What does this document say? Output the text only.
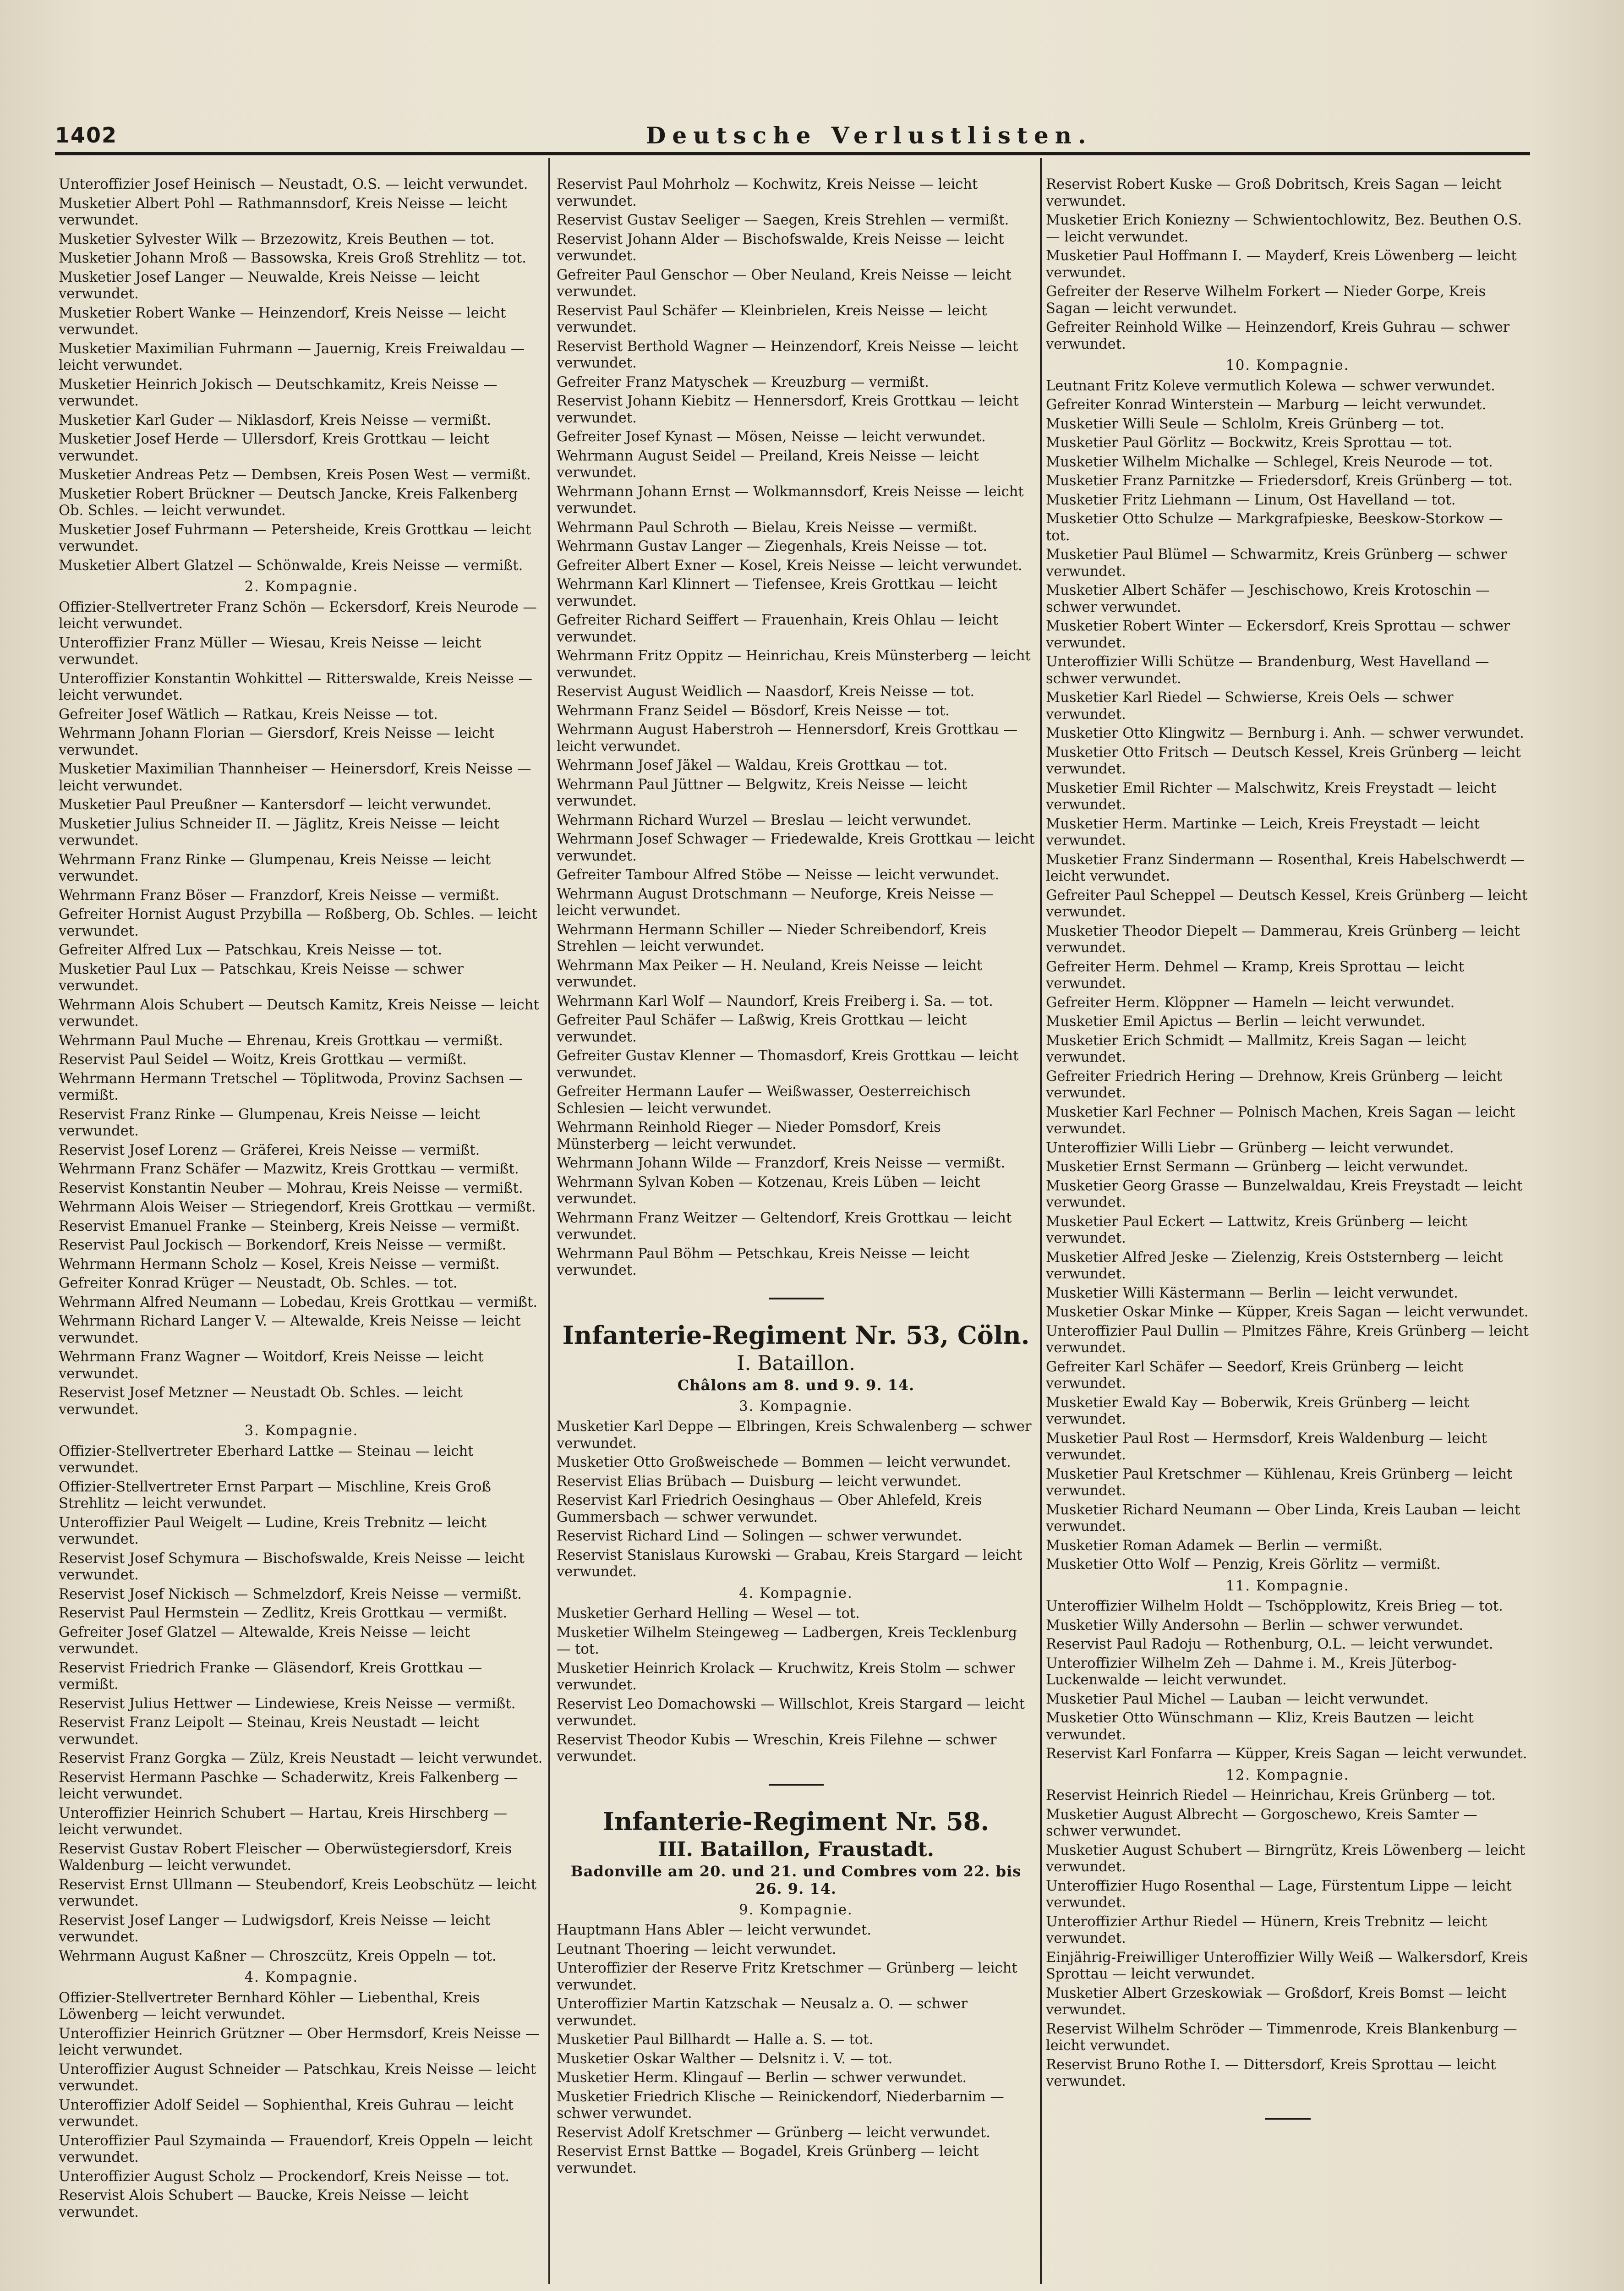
1402	Deutsche Verlustlisten.
Unteroffizier Josef Heinisch — Neustadt, O.S. — leicht verwundet.
Musketier Albert Pohl — Rathmannsdorf, Kreis Neisse — leicht verwundet.
Musketier Sylvester Wilk — Brzezowitz, Kreis Beuthen — tot.
Musketier Johann Mroß — Bassowska, Kreis Groß Strehlitz — tot.
Musketier Josef Langer — Neuwalde, Kreis Neisse — leicht verwundet.
Musketier Robert Wanke — Heinzendorf, Kreis Neisse — leicht verwundet.
Musketier Maximilian Fuhrmann — Jauernig, Kreis Freiwaldau — leicht verwundet.
Musketier Heinrich Jokisch — Deutschkamitz, Kreis Neisse — verwundet.
Musketier Karl Guder — Niklasdorf, Kreis Neisse — vermißt.
Musketier Josef Herde — Ullersdorf, Kreis Grottkau — leicht verwundet.
Musketier Andreas Petz — Dembsen, Kreis Posen West — vermißt.
Musketier Robert Brückner — Deutsch Jancke, Kreis Falkenberg Ob. Schles. — leicht verwundet.
Musketier Josef Fuhrmann — Petersheide, Kreis Grottkau — leicht verwundet.
Musketier Albert Glatzel — Schönwalde, Kreis Neisse — vermißt.
2. Kompagnie.
Offizier-Stellvertreter Franz Schön — Eckersdorf, Kreis Neurode — leicht verwundet.
Unteroffizier Franz Müller — Wiesau, Kreis Neisse — leicht verwundet.
Unteroffizier Konstantin Wohkittel — Ritterswalde, Kreis Neisse — leicht verwundet.
Gefreiter Josef Wätlich — Ratkau, Kreis Neisse — tot.
Wehrmann Johann Florian — Giersdorf, Kreis Neisse — leicht verwundet.
Musketier Maximilian Thannheiser — Heinersdorf, Kreis Neisse — leicht verwundet.
Musketier Paul Preußner — Kantersdorf — leicht verwundet.
Musketier Julius Schneider II. — Jäglitz, Kreis Neisse — leicht verwundet.
Wehrmann Franz Rinke — Glumpenau, Kreis Neisse — leicht verwundet.
Wehrmann Franz Böser — Franzdorf, Kreis Neisse — vermißt.
Gefreiter Hornist August Przybilla — Roßberg, Ob. Schles. — leicht verwundet.
Gefreiter Alfred Lux — Patschkau, Kreis Neisse — tot.
Musketier Paul Lux — Patschkau, Kreis Neisse — schwer verwundet.
Wehrmann Alois Schubert — Deutsch Kamitz, Kreis Neisse — leicht verwundet.
Wehrmann Paul Muche — Ehrenau, Kreis Grottkau — vermißt.
Reservist Paul Seidel — Woitz, Kreis Grottkau — vermißt.
Wehrmann Hermann Tretschel — Töplitwoda, Provinz Sachsen — vermißt.
Reservist Franz Rinke — Glumpenau, Kreis Neisse — leicht verwundet.
Reservist Josef Lorenz — Gräferei, Kreis Neisse — vermißt.
Wehrmann Franz Schäfer — Mazwitz, Kreis Grottkau — vermißt.
Reservist Konstantin Neuber — Mohrau, Kreis Neisse — vermißt.
Wehrmann Alois Weiser — Striegendorf, Kreis Grottkau — vermißt.
Reservist Emanuel Franke — Steinberg, Kreis Neisse — vermißt.
Reservist Paul Jockisch — Borkendorf, Kreis Neisse — vermißt.
Wehrmann Hermann Scholz — Kosel, Kreis Neisse — vermißt.
Gefreiter Konrad Krüger — Neustadt, Ob. Schles. — tot.
Wehrmann Alfred Neumann — Lobedau, Kreis Grottkau — vermißt.
Wehrmann Richard Langer V. — Altewalde, Kreis Neisse — leicht verwundet.
Wehrmann Franz Wagner — Woitdorf, Kreis Neisse — leicht verwundet.
Reservist Josef Metzner — Neustadt Ob. Schles. — leicht verwundet.
3. Kompagnie.
Offizier-Stellvertreter Eberhard Lattke — Steinau — leicht verwundet.
Offizier-Stellvertreter Ernst Parpart — Mischline, Kreis Groß Strehlitz — leicht verwundet.
Unteroffizier Paul Weigelt — Ludine, Kreis Trebnitz — leicht verwundet.
Reservist Josef Schymura — Bischofswalde, Kreis Neisse — leicht verwundet.
Reservist Josef Nickisch — Schmelzdorf, Kreis Neisse — vermißt.
Reservist Paul Hermstein — Zedlitz, Kreis Grottkau — vermißt.
Gefreiter Josef Glatzel — Altewalde, Kreis Neisse — leicht verwundet.
Reservist Friedrich Franke — Gläsendorf, Kreis Grottkau — vermißt.
Reservist Julius Hettwer — Lindewiese, Kreis Neisse — vermißt.
Reservist Franz Leipolt — Steinau, Kreis Neustadt — leicht verwundet.
Reservist Franz Gorgka — Zülz, Kreis Neustadt — leicht verwundet.
Reservist Hermann Paschke — Schaderwitz, Kreis Falkenberg — leicht verwundet.
Unteroffizier Heinrich Schubert — Hartau, Kreis Hirschberg — leicht verwundet.
Reservist Gustav Robert Fleischer — Oberwüstegiersdorf, Kreis Waldenburg — leicht verwundet.
Reservist Ernst Ullmann — Steubendorf, Kreis Leobschütz — leicht verwundet.
Reservist Josef Langer — Ludwigsdorf, Kreis Neisse — leicht verwundet.
Wehrmann August Kaßner — Chroszcütz, Kreis Oppeln — tot.
4. Kompagnie.
Offizier-Stellvertreter Bernhard Köhler — Liebenthal, Kreis Löwenberg — leicht verwundet.
Unteroffizier Heinrich Grützner — Ober Hermsdorf, Kreis Neisse — leicht verwundet.
Unteroffizier August Schneider — Patschkau, Kreis Neisse — leicht verwundet.
Unteroffizier Adolf Seidel — Sophienthal, Kreis Guhrau — leicht verwundet.
Unteroffizier Paul Szymainda — Frauendorf, Kreis Oppeln — leicht verwundet.
Unteroffizier August Scholz — Prockendorf, Kreis Neisse — tot.
Reservist Alois Schubert — Baucke, Kreis Neisse — leicht verwundet.
Reservist Paul Mohrholz — Kochwitz, Kreis Neisse — leicht verwundet.
Reservist Gustav Seeliger — Saegen, Kreis Strehlen — vermißt.
Reservist Johann Alder — Bischofswalde, Kreis Neisse — leicht verwundet.
Gefreiter Paul Genschor — Ober Neuland, Kreis Neisse — leicht verwundet.
Reservist Paul Schäfer — Kleinbrielen, Kreis Neisse — leicht verwundet.
Reservist Berthold Wagner — Heinzendorf, Kreis Neisse — leicht verwundet.
Gefreiter Franz Matyschek — Kreuzburg — vermißt.
Reservist Johann Kiebitz — Hennersdorf, Kreis Grottkau — leicht verwundet.
Gefreiter Josef Kynast — Mösen, Neisse — leicht verwundet.
Wehrmann August Seidel — Preiland, Kreis Neisse — leicht verwundet.
Wehrmann Johann Ernst — Wolkmannsdorf, Kreis Neisse — leicht verwundet.
Wehrmann Paul Schroth — Bielau, Kreis Neisse — vermißt.
Wehrmann Gustav Langer — Ziegenhals, Kreis Neisse — tot.
Gefreiter Albert Exner — Kosel, Kreis Neisse — leicht verwundet.
Wehrmann Karl Klinnert — Tiefensee, Kreis Grottkau — leicht verwundet.
Gefreiter Richard Seiffert — Frauenhain, Kreis Ohlau — leicht verwundet.
Wehrmann Fritz Oppitz — Heinrichau, Kreis Münsterberg — leicht verwundet.
Reservist August Weidlich — Naasdorf, Kreis Neisse — tot.
Wehrmann Franz Seidel — Bösdorf, Kreis Neisse — tot.
Wehrmann August Haberstroh — Hennersdorf, Kreis Grottkau — leicht verwundet.
Wehrmann Josef Jäkel — Waldau, Kreis Grottkau — tot.
Wehrmann Paul Jüttner — Belgwitz, Kreis Neisse — leicht verwundet.
Wehrmann Richard Wurzel — Breslau — leicht verwundet.
Wehrmann Josef Schwager — Friedewalde, Kreis Grottkau — leicht verwundet.
Gefreiter Tambour Alfred Stöbe — Neisse — leicht verwundet.
Wehrmann August Drotschmann — Neuforge, Kreis Neisse — leicht verwundet.
Wehrmann Hermann Schiller — Nieder Schreibendorf, Kreis Strehlen — leicht verwundet.
Wehrmann Max Peiker — H. Neuland, Kreis Neisse — leicht verwundet.
Wehrmann Karl Wolf — Naundorf, Kreis Freiberg i. Sa. — tot.
Gefreiter Paul Schäfer — Laßwig, Kreis Grottkau — leicht verwundet.
Gefreiter Gustav Klenner — Thomasdorf, Kreis Grottkau — leicht verwundet.
Gefreiter Hermann Laufer — Weißwasser, Oesterreichisch Schlesien — leicht verwundet.
Wehrmann Reinhold Rieger — Nieder Pomsdorf, Kreis Münsterberg — leicht verwundet.
Wehrmann Johann Wilde — Franzdorf, Kreis Neisse — vermißt.
Wehrmann Sylvan Koben — Kotzenau, Kreis Lüben — leicht verwundet.
Wehrmann Franz Weitzer — Geltendorf, Kreis Grottkau — leicht verwundet.
Wehrmann Paul Böhm — Petschkau, Kreis Neisse — leicht verwundet.
Infanterie-Regiment Nr. 53, Cöln.
I. Bataillon.
Châlons am 8. und 9. 9. 14.
3. Kompagnie.
Musketier Karl Deppe — Elbringen, Kreis Schwalenberg — schwer verwundet.
Musketier Otto Großweischede — Bommen — leicht verwundet.
Reservist Elias Brübach — Duisburg — leicht verwundet.
Reservist Karl Friedrich Oesinghaus — Ober Ahlefeld, Kreis Gummersbach — schwer verwundet.
Reservist Richard Lind — Solingen — schwer verwundet.
Reservist Stanislaus Kurowski — Grabau, Kreis Stargard — leicht verwundet.
4. Kompagnie.
Musketier Gerhard Helling — Wesel — tot.
Musketier Wilhelm Steingeweg — Ladbergen, Kreis Tecklenburg — tot.
Musketier Heinrich Krolack — Kruchwitz, Kreis Stolm — schwer verwundet.
Reservist Leo Domachowski — Willschlot, Kreis Stargard — leicht verwundet.
Reservist Theodor Kubis — Wreschin, Kreis Filehne — schwer verwundet.
Infanterie-Regiment Nr. 58.
III. Bataillon, Fraustadt.
Badonville am 20. und 21. und Combres vom 22. bis 26. 9. 14.
9. Kompagnie.
Hauptmann Hans Abler — leicht verwundet.
Leutnant Thoering — leicht verwundet.
Unteroffizier der Reserve Fritz Kretschmer — Grünberg — leicht verwundet.
Unteroffizier Martin Katzschak — Neusalz a. O. — schwer verwundet.
Musketier Paul Billhardt — Halle a. S. — tot.
Musketier Oskar Walther — Delsnitz i. V. — tot.
Musketier Herm. Klingauf — Berlin — schwer verwundet.
Musketier Friedrich Klische — Reinickendorf, Niederbarnim — schwer verwundet.
Reservist Adolf Kretschmer — Grünberg — leicht verwundet.
Reservist Ernst Battke — Bogadel, Kreis Grünberg — leicht verwundet.
Reservist Robert Kuske — Groß Dobritsch, Kreis Sagan — leicht verwundet.
Musketier Erich Koniezny — Schwientochlowitz, Bez. Beuthen O.S. — leicht verwundet.
Musketier Paul Hoffmann I. — Mayderf, Kreis Löwenberg — leicht verwundet.
Gefreiter der Reserve Wilhelm Forkert — Nieder Gorpe, Kreis Sagan — leicht verwundet.
Gefreiter Reinhold Wilke — Heinzendorf, Kreis Guhrau — schwer verwundet.
10. Kompagnie.
Leutnant Fritz Koleve vermutlich Kolewa — schwer verwundet.
Gefreiter Konrad Winterstein — Marburg — leicht verwundet.
Musketier Willi Seule — Schlolm, Kreis Grünberg — tot.
Musketier Paul Görlitz — Bockwitz, Kreis Sprottau — tot.
Musketier Wilhelm Michalke — Schlegel, Kreis Neurode — tot.
Musketier Franz Parnitzke — Friedersdorf, Kreis Grünberg — tot.
Musketier Fritz Liehmann — Linum, Ost Havelland — tot.
Musketier Otto Schulze — Markgrafpieske, Beeskow-Storkow — tot.
Musketier Paul Blümel — Schwarmitz, Kreis Grünberg — schwer verwundet.
Musketier Albert Schäfer — Jeschischowo, Kreis Krotoschin — schwer verwundet.
Musketier Robert Winter — Eckersdorf, Kreis Sprottau — schwer verwundet.
Unteroffizier Willi Schütze — Brandenburg, West Havelland — schwer verwundet.
Musketier Karl Riedel — Schwierse, Kreis Oels — schwer verwundet.
Musketier Otto Klingwitz — Bernburg i. Anh. — schwer verwundet.
Musketier Otto Fritsch — Deutsch Kessel, Kreis Grünberg — leicht verwundet.
Musketier Emil Richter — Malschwitz, Kreis Freystadt — leicht verwundet.
Musketier Herm. Martinke — Leich, Kreis Freystadt — leicht verwundet.
Musketier Franz Sindermann — Rosenthal, Kreis Habelschwerdt — leicht verwundet.
Gefreiter Paul Scheppel — Deutsch Kessel, Kreis Grünberg — leicht verwundet.
Musketier Theodor Diepelt — Dammerau, Kreis Grünberg — leicht verwundet.
Gefreiter Herm. Dehmel — Kramp, Kreis Sprottau — leicht verwundet.
Gefreiter Herm. Klöppner — Hameln — leicht verwundet.
Musketier Emil Apictus — Berlin — leicht verwundet.
Musketier Erich Schmidt — Mallmitz, Kreis Sagan — leicht verwundet.
Gefreiter Friedrich Hering — Drehnow, Kreis Grünberg — leicht verwundet.
Musketier Karl Fechner — Polnisch Machen, Kreis Sagan — leicht verwundet.
Unteroffizier Willi Liebr — Grünberg — leicht verwundet.
Musketier Ernst Sermann — Grünberg — leicht verwundet.
Musketier Georg Grasse — Bunzelwaldau, Kreis Freystadt — leicht verwundet.
Musketier Paul Eckert — Lattwitz, Kreis Grünberg — leicht verwundet.
Musketier Alfred Jeske — Zielenzig, Kreis Oststernberg — leicht verwundet.
Musketier Willi Kästermann — Berlin — leicht verwundet.
Musketier Oskar Minke — Küpper, Kreis Sagan — leicht verwundet.
Unteroffizier Paul Dullin — Plmitzes Fähre, Kreis Grünberg — leicht verwundet.
Gefreiter Karl Schäfer — Seedorf, Kreis Grünberg — leicht verwundet.
Musketier Ewald Kay — Boberwik, Kreis Grünberg — leicht verwundet.
Musketier Paul Rost — Hermsdorf, Kreis Waldenburg — leicht verwundet.
Musketier Paul Kretschmer — Kühlenau, Kreis Grünberg — leicht verwundet.
Musketier Richard Neumann — Ober Linda, Kreis Lauban — leicht verwundet.
Musketier Roman Adamek — Berlin — vermißt.
Musketier Otto Wolf — Penzig, Kreis Görlitz — vermißt.
11. Kompagnie.
Unteroffizier Wilhelm Holdt — Tschöpplowitz, Kreis Brieg — tot.
Musketier Willy Andersohn — Berlin — schwer verwundet.
Reservist Paul Radoju — Rothenburg, O.L. — leicht verwundet.
Unteroffizier Wilhelm Zeh — Dahme i. M., Kreis Jüterbog-Luckenwalde — leicht verwundet.
Musketier Paul Michel — Lauban — leicht verwundet.
Musketier Otto Wünschmann — Kliz, Kreis Bautzen — leicht verwundet.
Reservist Karl Fonfarra — Küpper, Kreis Sagan — leicht verwundet.
12. Kompagnie.
Reservist Heinrich Riedel — Heinrichau, Kreis Grünberg — tot.
Musketier August Albrecht — Gorgoschewo, Kreis Samter — schwer verwundet.
Musketier August Schubert — Birngrütz, Kreis Löwenberg — leicht verwundet.
Unteroffizier Hugo Rosenthal — Lage, Fürstentum Lippe — leicht verwundet.
Unteroffizier Arthur Riedel — Hünern, Kreis Trebnitz — leicht verwundet.
Einjährig-Freiwilliger Unteroffizier Willy Weiß — Walkersdorf, Kreis Sprottau — leicht verwundet.
Musketier Albert Grzeskowiak — Großdorf, Kreis Bomst — leicht verwundet.
Reservist Wilhelm Schröder — Timmenrode, Kreis Blankenburg — leicht verwundet.
Reservist Bruno Rothe I. — Dittersdorf, Kreis Sprottau — leicht verwundet.
